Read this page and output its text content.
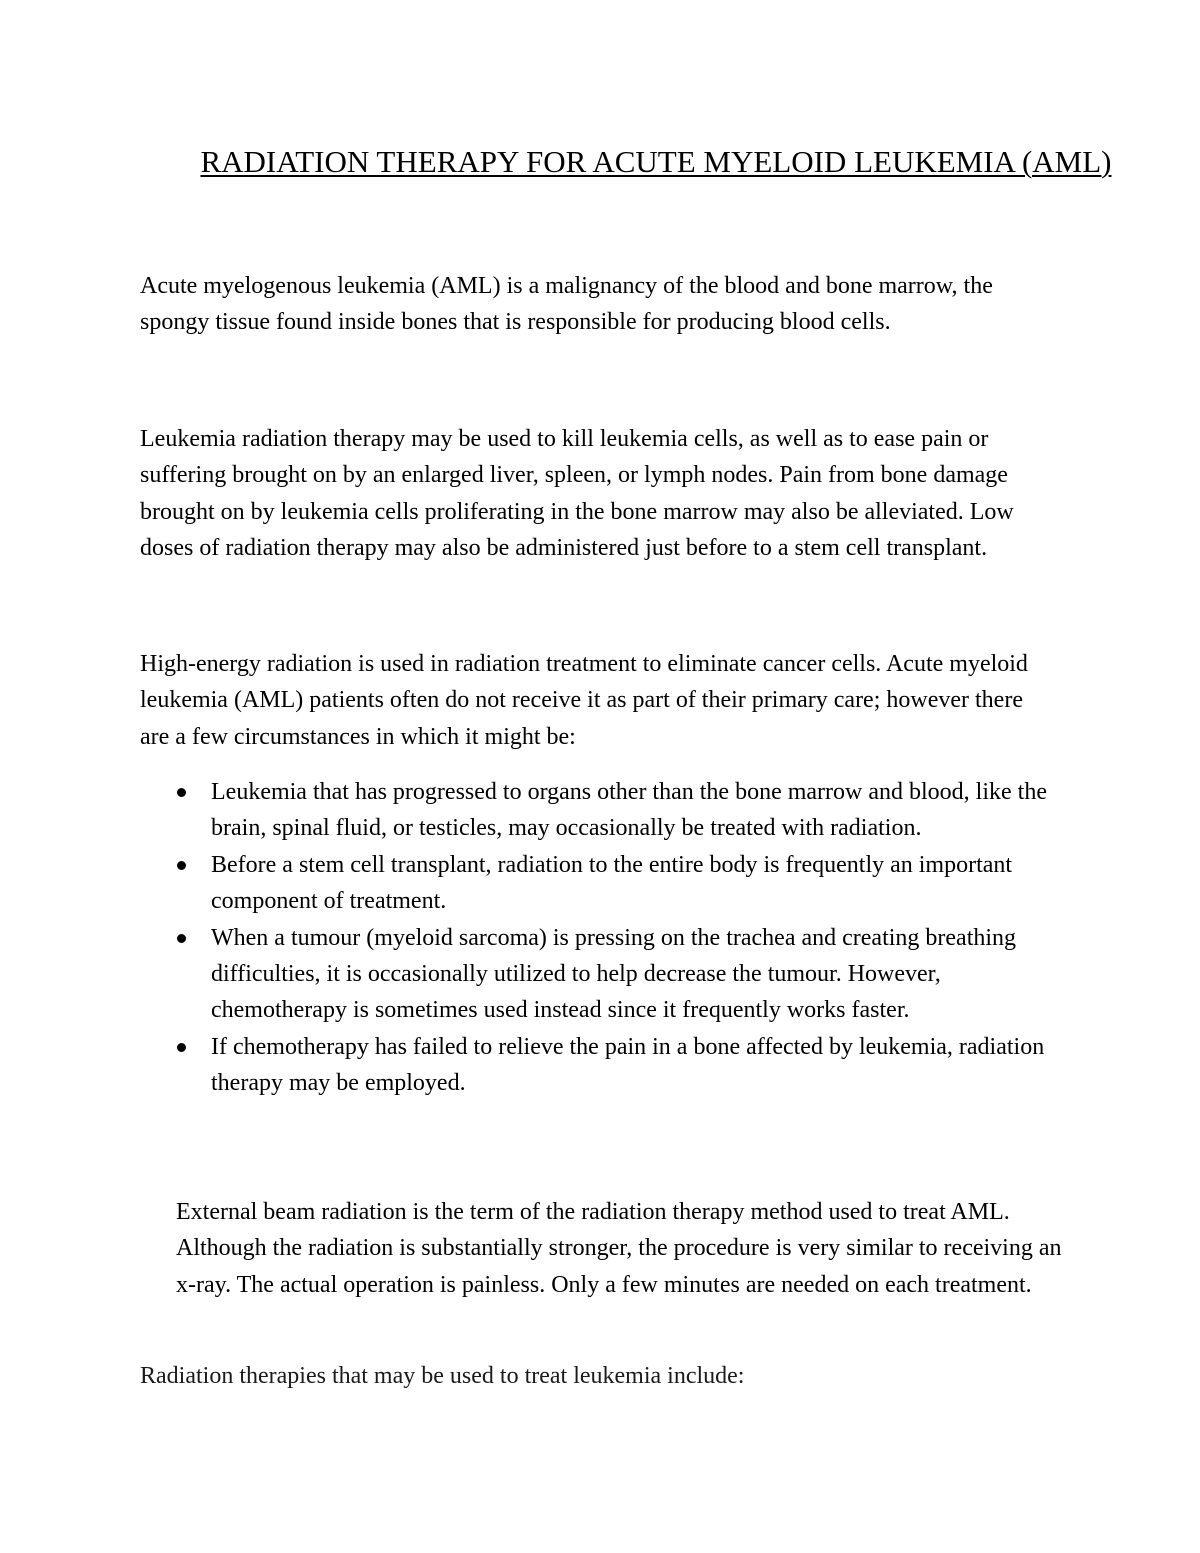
RADIATION THERAPY FOR ACUTE MYELOID LEUKEMIA (AML)

Acute myelogenous leukemia (AML) is a malignancy of the blood and bone marrow, the spongy tissue found inside bones that is responsible for producing blood cells.

Leukemia radiation therapy may be used to kill leukemia cells, as well as to ease pain or suffering brought on by an enlarged liver, spleen, or lymph nodes. Pain from bone damage brought on by leukemia cells proliferating in the bone marrow may also be alleviated. Low doses of radiation therapy may also be administered just before to a stem cell transplant.

High-energy radiation is used in radiation treatment to eliminate cancer cells. Acute myeloid leukemia (AML) patients often do not receive it as part of their primary care; however there are a few circumstances in which it might be:

Leukemia that has progressed to organs other than the bone marrow and blood, like the brain, spinal fluid, or testicles, may occasionally be treated with radiation.
Before a stem cell transplant, radiation to the entire body is frequently an important component of treatment.
When a tumour (myeloid sarcoma) is pressing on the trachea and creating breathing difficulties, it is occasionally utilized to help decrease the tumour. However, chemotherapy is sometimes used instead since it frequently works faster.
If chemotherapy has failed to relieve the pain in a bone affected by leukemia, radiation therapy may be employed.

External beam radiation is the term of the radiation therapy method used to treat AML. Although the radiation is substantially stronger, the procedure is very similar to receiving an x-ray. The actual operation is painless. Only a few minutes are needed on each treatment.

Radiation therapies that may be used to treat leukemia include:
